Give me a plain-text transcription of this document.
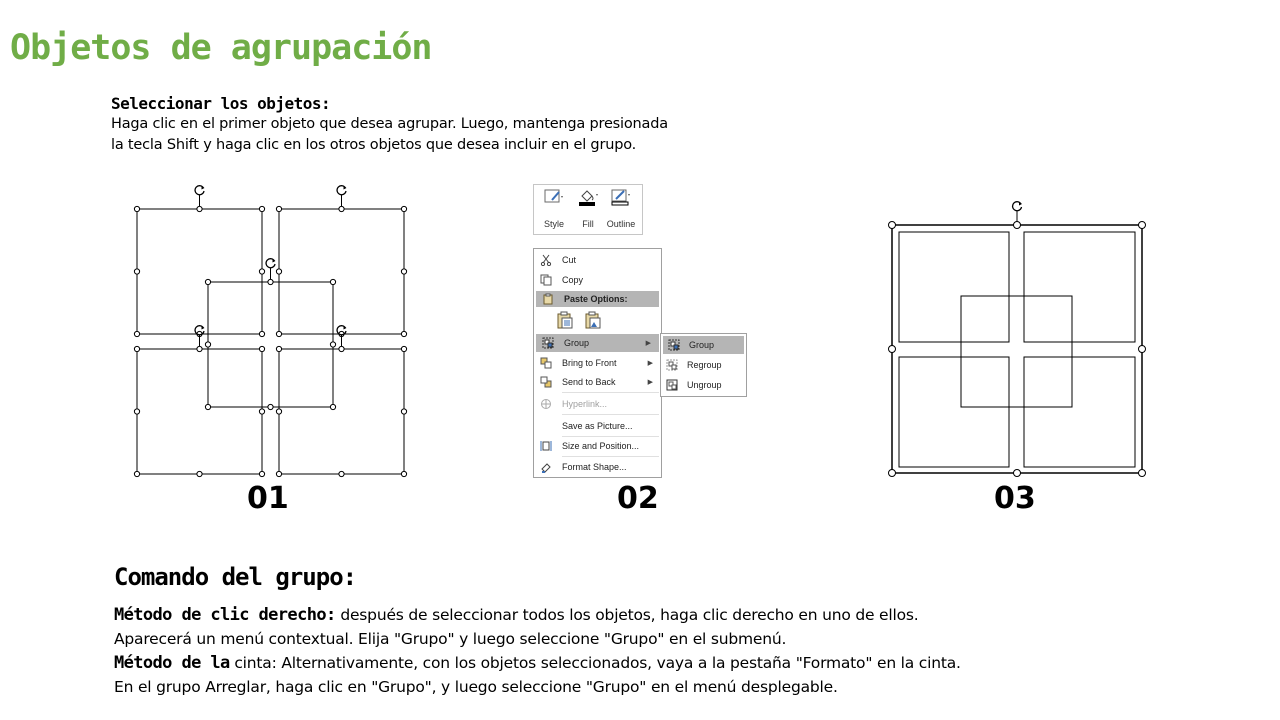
Objetos de agrupación
Seleccionar los objetos:
Haga clic en el primer objeto que desea agrupar. Luego, mantenga presionada
la tecla Shift y haga clic en los otros objetos que desea incluir en el grupo.
01
Style	Fill	Outline
Cut
Copy
Paste Options:
Group	▶
Bring to Front	▶
Send to Back	▶
Hyperlink...
Save as Picture...
Size and Position...
Format Shape...
Group
Regroup
Ungroup
02	03
Comando del grupo:
Método de clic derecho: después de seleccionar todos los objetos, haga clic derecho en uno de ellos.
Aparecerá un menú contextual. Elija "Grupo" y luego seleccione "Grupo" en el submenú.
Método de la cinta: Alternativamente, con los objetos seleccionados, vaya a la pestaña "Formato" en la cinta.
En el grupo Arreglar, haga clic en "Grupo", y luego seleccione "Grupo" en el menú desplegable.
